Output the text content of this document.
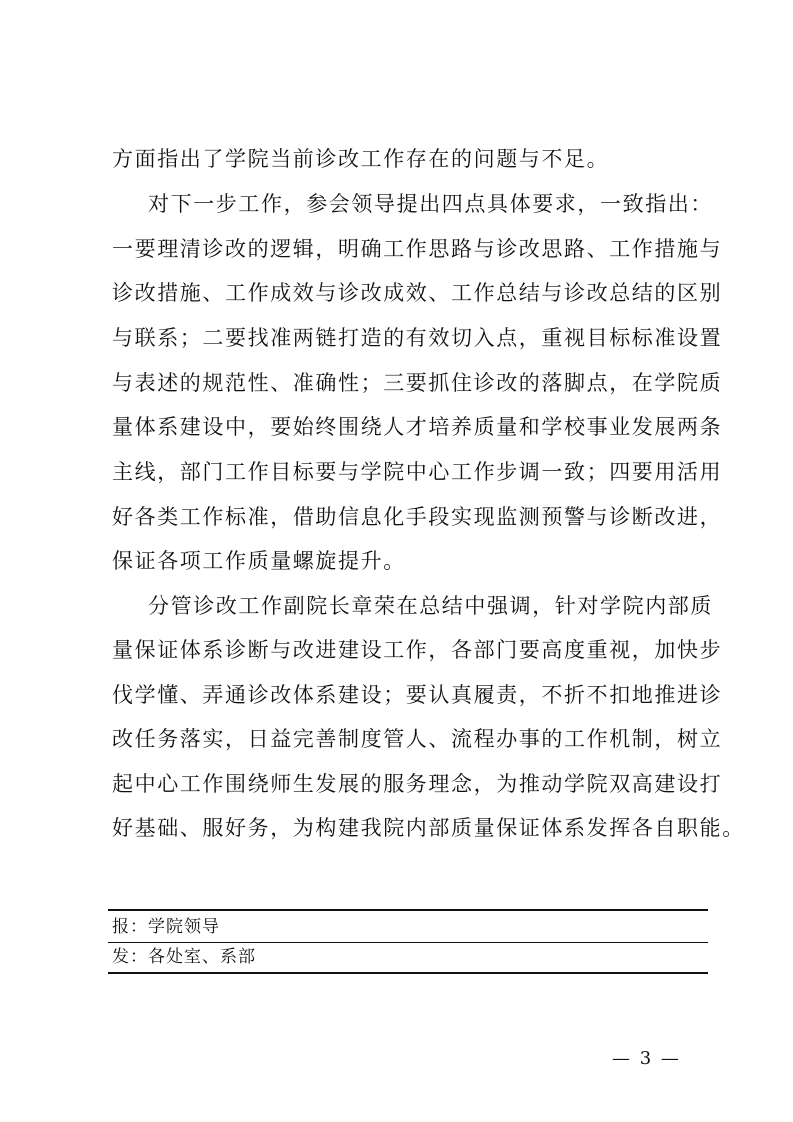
方面指出了学院当前诊改工作存在的问题与不足。
对下一步工作，参会领导提出四点具体要求，一致指出：
一要理清诊改的逻辑，明确工作思路与诊改思路、工作措施与
诊改措施、工作成效与诊改成效、工作总结与诊改总结的区别
与联系；二要找准两链打造的有效切入点，重视目标标准设置
与表述的规范性、准确性；三要抓住诊改的落脚点，在学院质
量体系建设中，要始终围绕人才培养质量和学校事业发展两条
主线，部门工作目标要与学院中心工作步调一致；四要用活用
好各类工作标准，借助信息化手段实现监测预警与诊断改进，
保证各项工作质量螺旋提升。
分管诊改工作副院长章荣在总结中强调，针对学院内部质
量保证体系诊断与改进建设工作，各部门要高度重视，加快步
伐学懂、弄通诊改体系建设；要认真履责，不折不扣地推进诊
改任务落实，日益完善制度管人、流程办事的工作机制，树立
起中心工作围绕师生发展的服务理念，为推动学院双高建设打
好基础、服好务，为构建我院内部质量保证体系发挥各自职能。
报：学院领导
发：各处室、系部
— 3 —
